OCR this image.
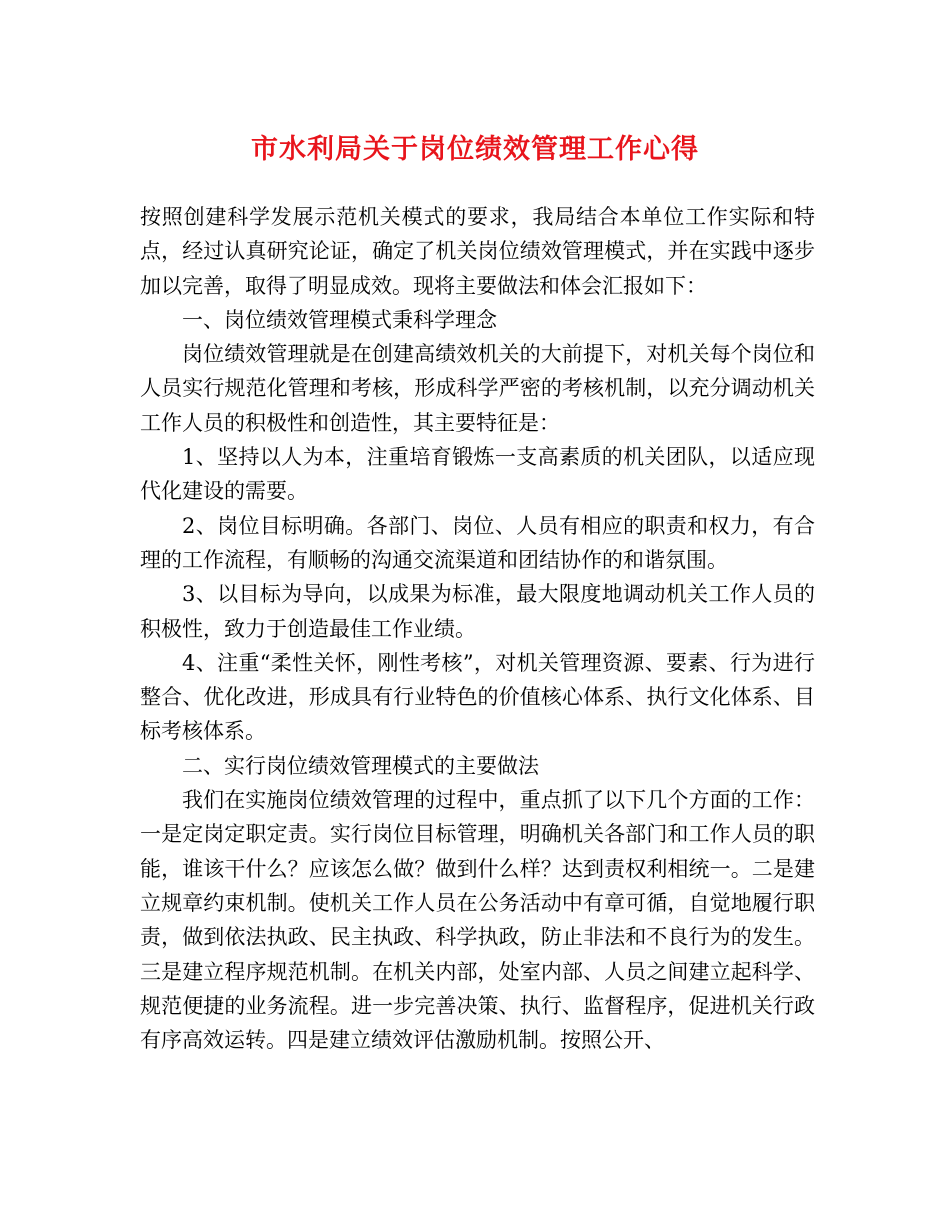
市水利局关于岗位绩效管理工作心得

按照创建科学发展示范机关模式的要求，我局结合本单位工作实际和特点，经过认真研究论证，确定了机关岗位绩效管理模式，并在实践中逐步加以完善，取得了明显成效。现将主要做法和体会汇报如下：

一、岗位绩效管理模式秉科学理念

岗位绩效管理就是在创建高绩效机关的大前提下，对机关每个岗位和人员实行规范化管理和考核，形成科学严密的考核机制，以充分调动机关工作人员的积极性和创造性，其主要特征是：

1、坚持以人为本，注重培育锻炼一支高素质的机关团队，以适应现代化建设的需要。

2、岗位目标明确。各部门、岗位、人员有相应的职责和权力，有合理的工作流程，有顺畅的沟通交流渠道和团结协作的和谐氛围。

3、以目标为导向，以成果为标准，最大限度地调动机关工作人员的积极性，致力于创造最佳工作业绩。

4、注重“柔性关怀，刚性考核”，对机关管理资源、要素、行为进行整合、优化改进，形成具有行业特色的价值核心体系、执行文化体系、目标考核体系。

二、实行岗位绩效管理模式的主要做法

我们在实施岗位绩效管理的过程中，重点抓了以下几个方面的工作：一是定岗定职定责。实行岗位目标管理，明确机关各部门和工作人员的职能，谁该干什么？应该怎么做？做到什么样？达到责权利相统一。二是建立规章约束机制。使机关工作人员在公务活动中有章可循，自觉地履行职责，做到依法执政、民主执政、科学执政，防止非法和不良行为的发生。三是建立程序规范机制。在机关内部，处室内部、人员之间建立起科学、规范便捷的业务流程。进一步完善决策、执行、监督程序，促进机关行政有序高效运转。四是建立绩效评估激励机制。按照公开、
